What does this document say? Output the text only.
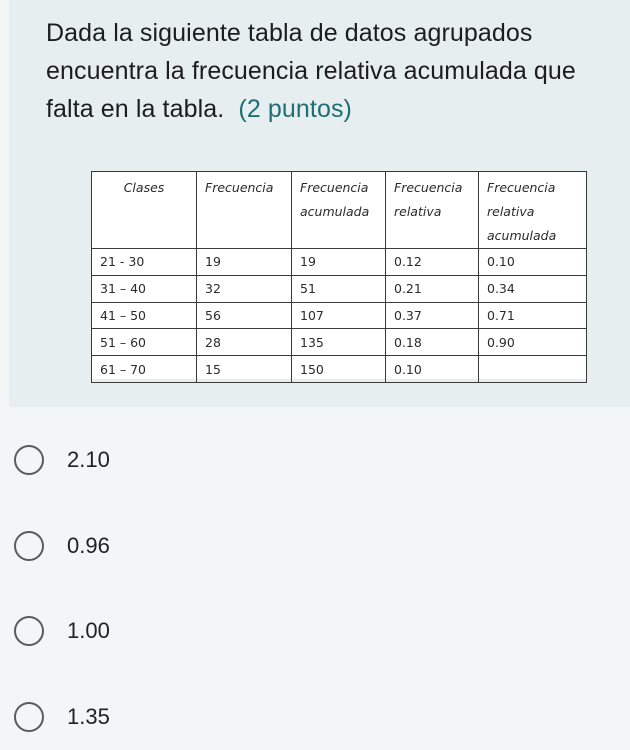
Dada la siguiente tabla de datos agrupados encuentra la frecuencia relativa acumulada que falta en la tabla. (2 puntos)

Clases	Frecuencia	Frecuencia acumulada	Frecuencia relativa	Frecuencia relativa acumulada
21 - 30	19	19	0.12	0.10
31 – 40	32	51	0.21	0.34
41 – 50	56	107	0.37	0.71
51 – 60	28	135	0.18	0.90
61 – 70	15	150	0.10	
2.10
0.96
1.00
1.35
